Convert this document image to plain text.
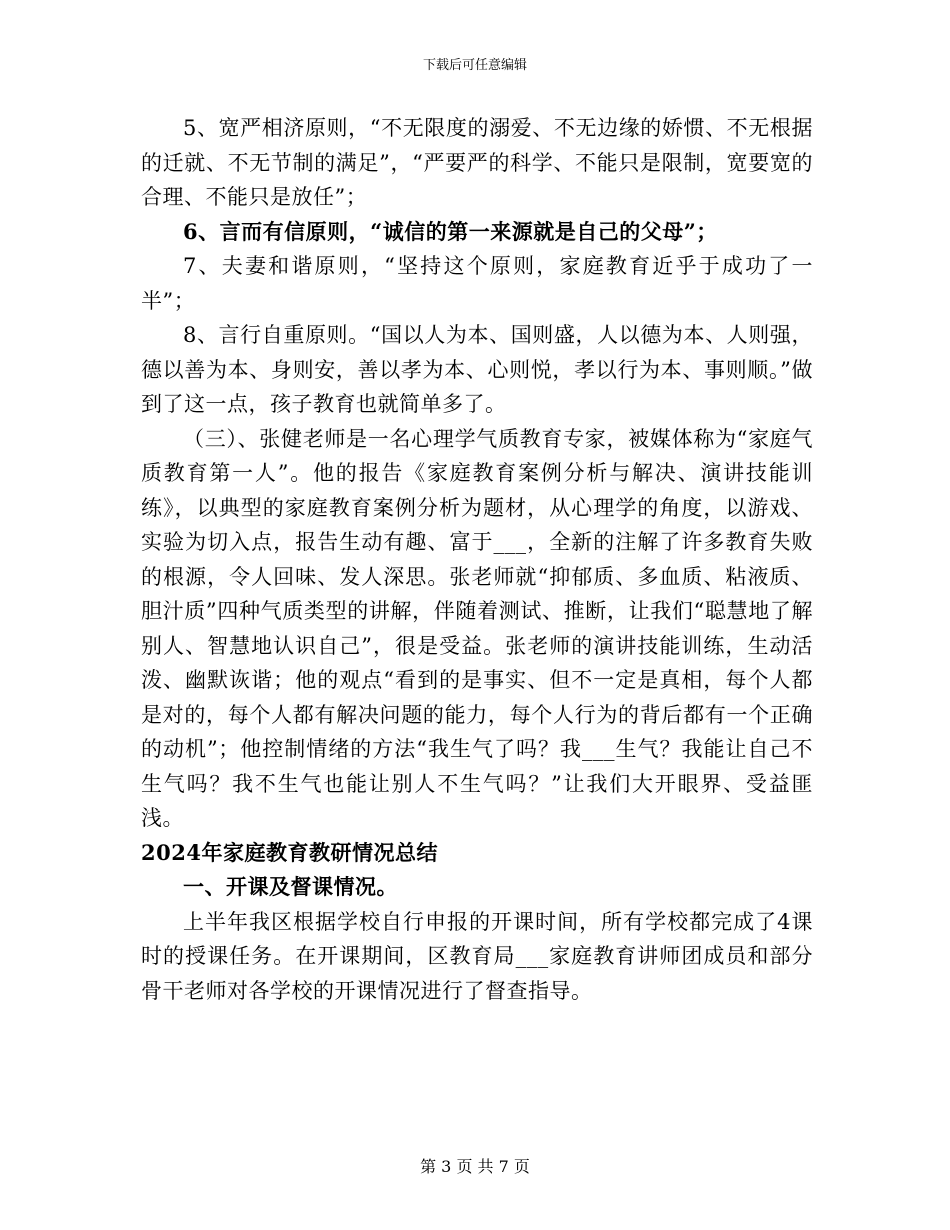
下载后可任意编辑

5、宽严相济原则，“不无限度的溺爱、不无边缘的娇惯、不无根据的迁就、不无节制的满足”，“严要严的科学、不能只是限制，宽要宽的合理、不能只是放任”；

6、言而有信原则，“诚信的第一来源就是自己的父母”；

7、夫妻和谐原则，“坚持这个原则，家庭教育近乎于成功了一半”；

8、言行自重原则。“国以人为本、国则盛，人以德为本、人则强，德以善为本、身则安，善以孝为本、心则悦，孝以行为本、事则顺。”做到了这一点，孩子教育也就简单多了。

（三）、张健老师是一名心理学气质教育专家，被媒体称为“家庭气质教育第一人”。他的报告《家庭教育案例分析与解决、演讲技能训练》，以典型的家庭教育案例分析为题材，从心理学的角度，以游戏、实验为切入点，报告生动有趣、富于___，全新的注解了许多教育失败的根源，令人回味、发人深思。张老师就“抑郁质、多血质、粘液质、胆汁质”四种气质类型的讲解，伴随着测试、推断，让我们“聪慧地了解别人、智慧地认识自己”，很是受益。张老师的演讲技能训练，生动活泼、幽默诙谐；他的观点“看到的是事实、但不一定是真相，每个人都是对的，每个人都有解决问题的能力，每个人行为的背后都有一个正确的动机”；他控制情绪的方法“我生气了吗？我___生气？我能让自己不生气吗？我不生气也能让别人不生气吗？”让我们大开眼界、受益匪浅。

2024年家庭教育教研情况总结

一、开课及督课情况。

上半年我区根据学校自行申报的开课时间，所有学校都完成了4课时的授课任务。在开课期间，区教育局___家庭教育讲师团成员和部分骨干老师对各学校的开课情况进行了督查指导。

第 3 页 共 7 页
